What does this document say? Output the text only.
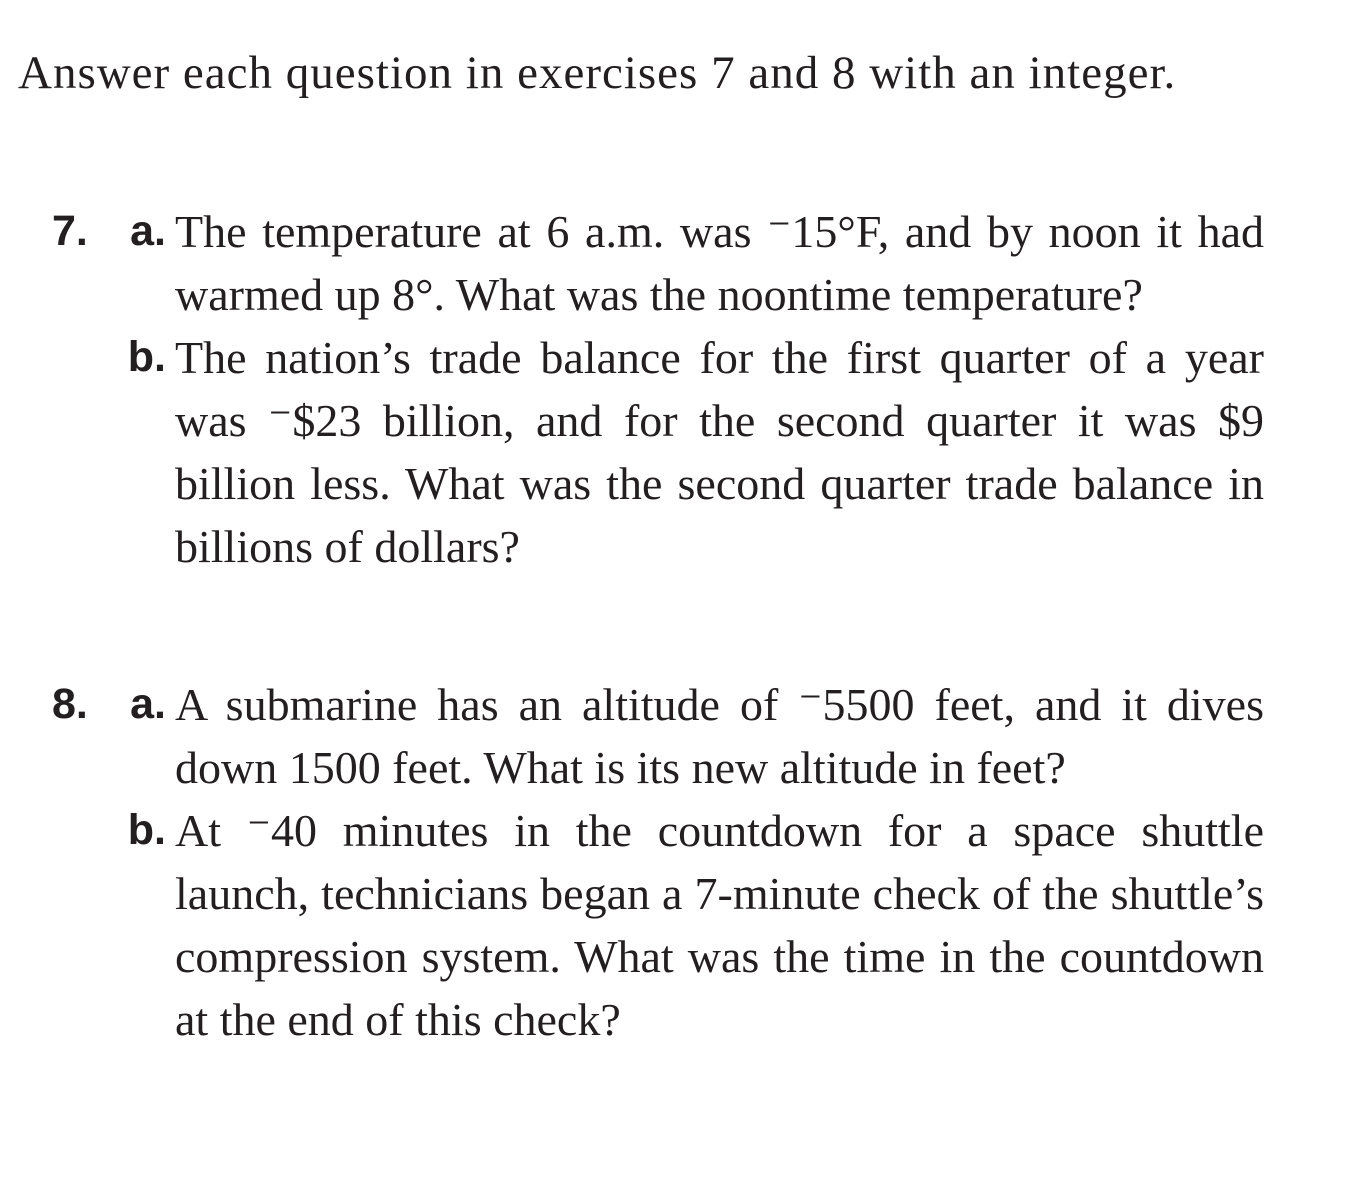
Answer each question in exercises 7 and 8 with an integer.
7. a. The temperature at 6 a.m. was ⁻15°F, and by noon it had warmed up 8°. What was the noontime temperature?
b. The nation’s trade balance for the first quarter of a year was ⁻$23 billion, and for the second quarter it was $9 billion less. What was the second quarter trade balance in billions of dollars?
8. a. A submarine has an altitude of ⁻5500 feet, and it dives down 1500 feet. What is its new altitude in feet?
b. At ⁻40 minutes in the countdown for a space shuttle launch, technicians began a 7-minute check of the shuttle’s compression system. What was the time in the countdown at the end of this check?
